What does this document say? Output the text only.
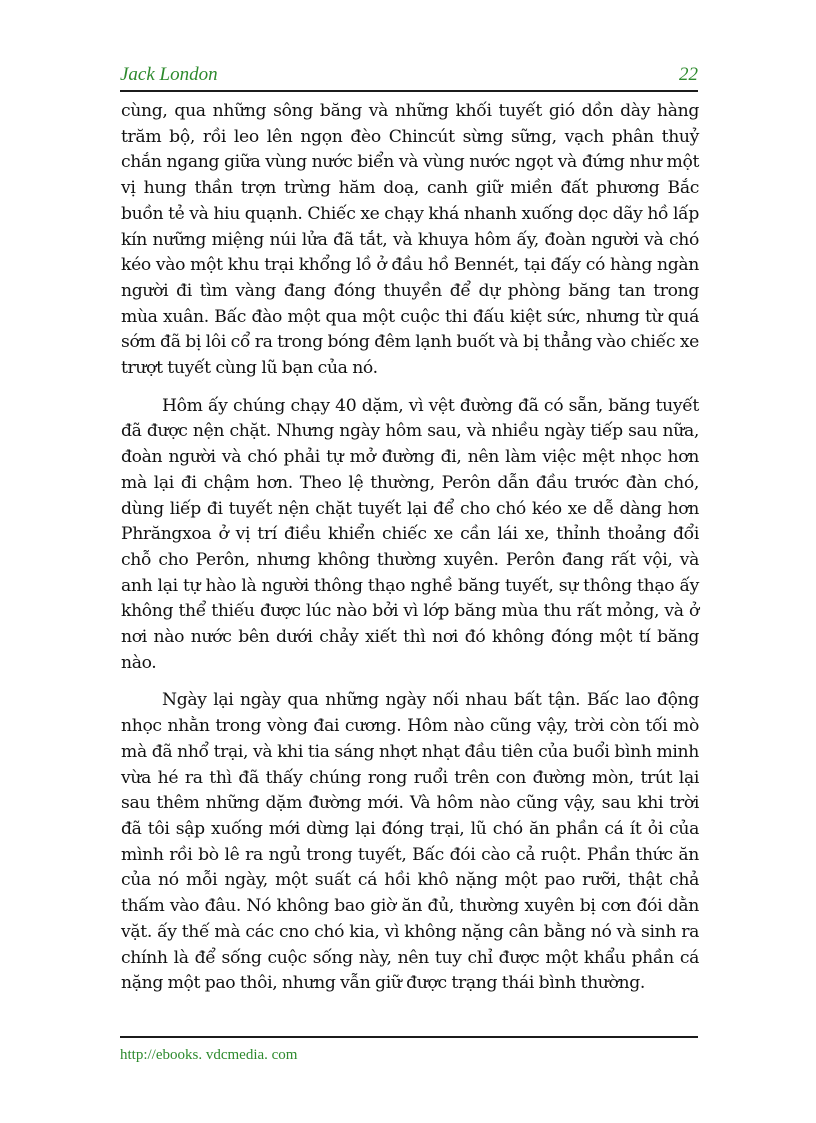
Jack London	22

cùng, qua những sông băng và những khối tuyết gió dồn dày hàng trăm bộ, rồi leo lên ngọn đèo Chincút sừng sững, vạch phân thuỷ chắn ngang giữa vùng nước biển và vùng nước ngọt và đứng như một vị hung thần trợn trừng hăm doạ, canh giữ miền đất phương Bắc buồn tẻ và hiu quạnh. Chiếc xe chạy khá nhanh xuống dọc dãy hồ lấp kín nưững miệng núi lửa đã tắt, và khuya hôm ấy, đoàn người và chó kéo vào một khu trại khổng lồ ở đầu hồ Bennét, tại đấy có hàng ngàn người đi tìm vàng đang đóng thuyền để dự phòng băng tan trong mùa xuân. Bấc đào một qua một cuộc thi đấu kiệt sức, nhưng từ quá sớm đã bị lôi cổ ra trong bóng đêm lạnh buốt và bị thẳng vào chiếc xe trượt tuyết cùng lũ bạn của nó.

Hôm ấy chúng chạy 40 dặm, vì vệt đường đã có sẵn, băng tuyết đã được nện chặt. Nhưng ngày hôm sau, và nhiều ngày tiếp sau nữa, đoàn người và chó phải tự mở đường đi, nên làm việc mệt nhọc hơn mà lại đi chậm hơn. Theo lệ thường, Perôn dẫn đầu trước đàn chó, dùng liếp đi tuyết nện chặt tuyết lại để cho chó kéo xe dễ dàng hơn Phrăngxoa ở vị trí điều khiển chiếc xe cần lái xe, thỉnh thoảng đổi chỗ cho Perôn, nhưng không thường xuyên. Perôn đang rất vội, và anh lại tự hào là người thông thạo nghề băng tuyết, sự thông thạo ấy không thể thiếu được lúc nào bởi vì lớp băng mùa thu rất mỏng, và ở nơi nào nước bên dưới chảy xiết thì nơi đó không đóng một tí băng nào.

Ngày lại ngày qua những ngày nối nhau bất tận. Bấc lao động nhọc nhằn trong vòng đai cương. Hôm nào cũng vậy, trời còn tối mò mà đã nhổ trại, và khi tia sáng nhợt nhạt đầu tiên của buổi bình minh vừa hé ra thì đã thấy chúng rong ruổi trên con đường mòn, trút lại sau thêm những dặm đường mới. Và hôm nào cũng vậy, sau khi trời đã tôi sập xuống mới dừng lại đóng trại, lũ chó ăn phần cá ít ỏi của mình rồi bò lê ra ngủ trong tuyết, Bấc đói cào cả ruột. Phần thức ăn của nó mỗi ngày, một suất cá hồi khô nặng một pao rưỡi, thật chả thấm vào đâu. Nó không bao giờ ăn đủ, thường xuyên bị cơn đói dằn vặt. ấy thế mà các cno chó kia, vì không nặng cân bằng nó và sinh ra chính là để sống cuộc sống này, nên tuy chỉ được một khẩu phần cá nặng một pao thôi, nhưng vẫn giữ được trạng thái bình thường.

http://ebooks. vdcmedia. com
